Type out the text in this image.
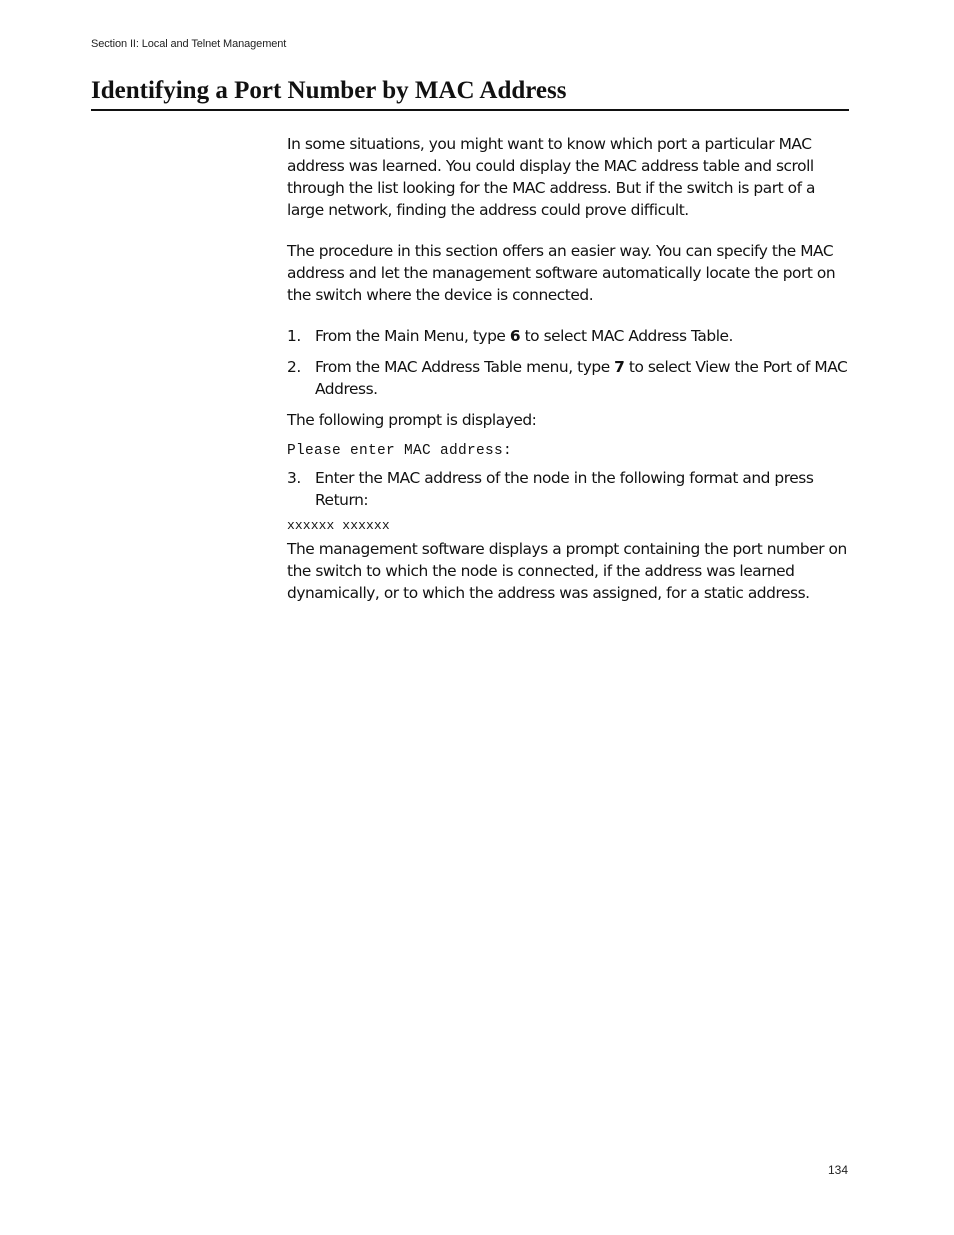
Section II: Local and Telnet Management
Identifying a Port Number by MAC Address

In some situations, you might want to know which port a particular MAC address was learned. You could display the MAC address table and scroll through the list looking for the MAC address. But if the switch is part of a large network, finding the address could prove difficult.

The procedure in this section offers an easier way. You can specify the MAC address and let the management software automatically locate the port on the switch where the device is connected.

1. From the Main Menu, type 6 to select MAC Address Table.
2. From the MAC Address Table menu, type 7 to select View the Port of MAC Address.

The following prompt is displayed:

Please enter MAC address:

3. Enter the MAC address of the node in the following format and press Return:

xxxxxx xxxxxx

The management software displays a prompt containing the port number on the switch to which the node is connected, if the address was learned dynamically, or to which the address was assigned, for a static address.

134
